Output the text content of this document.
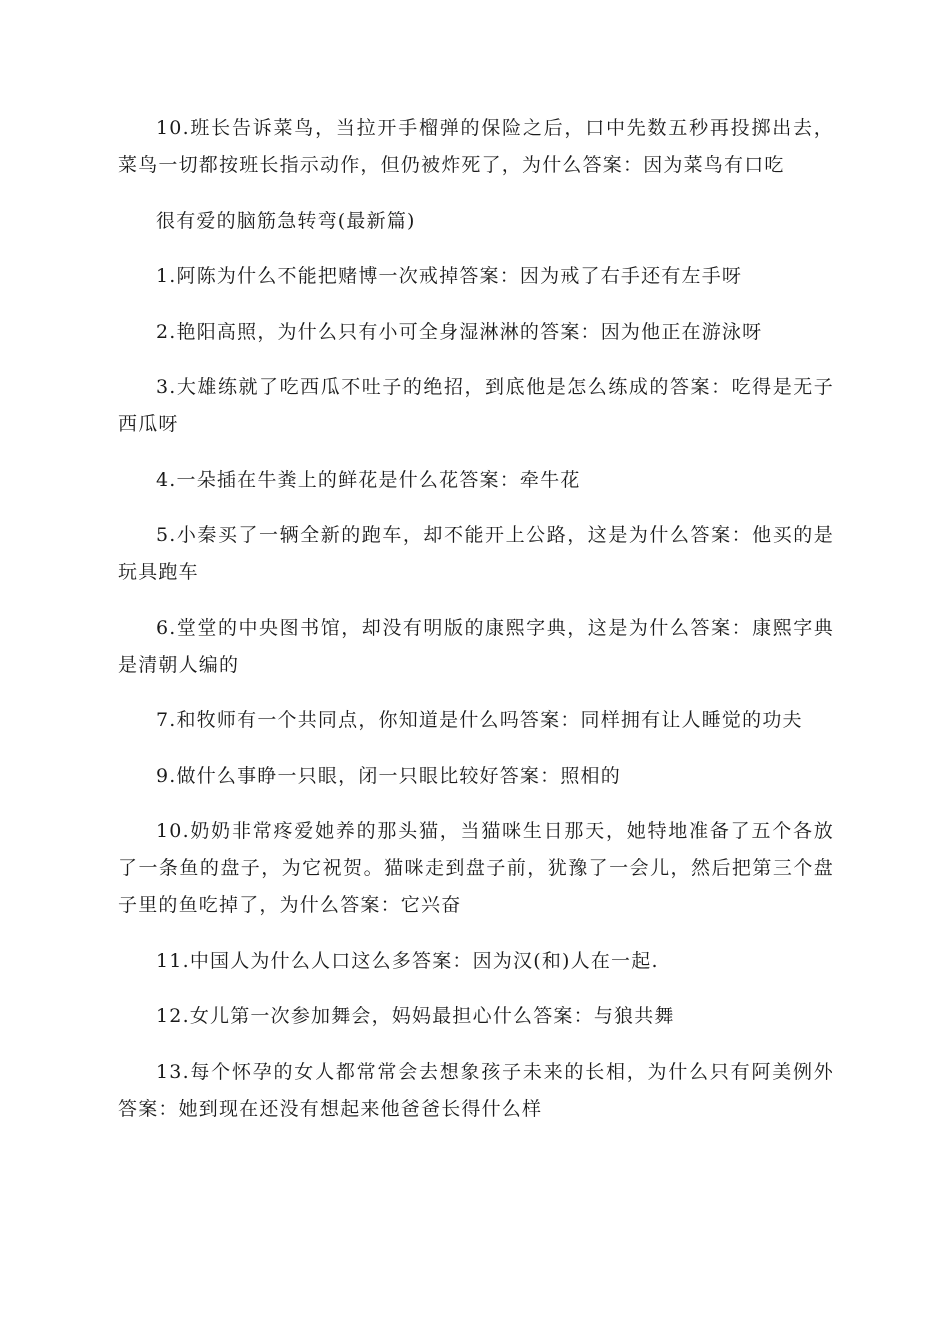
10.班长告诉菜鸟，当拉开手榴弹的保险之后，口中先数五秒再投掷出去，菜鸟一切都按班长指示动作，但仍被炸死了，为什么答案：因为菜鸟有口吃

很有爱的脑筋急转弯(最新篇)

1.阿陈为什么不能把赌博一次戒掉答案：因为戒了右手还有左手呀

2.艳阳高照，为什么只有小可全身湿淋淋的答案：因为他正在游泳呀

3.大雄练就了吃西瓜不吐子的绝招，到底他是怎么练成的答案：吃得是无子西瓜呀

4.一朵插在牛粪上的鲜花是什么花答案：牵牛花

5.小秦买了一辆全新的跑车，却不能开上公路，这是为什么答案：他买的是玩具跑车

6.堂堂的中央图书馆，却没有明版的康熙字典，这是为什么答案：康熙字典是清朝人编的

7.和牧师有一个共同点，你知道是什么吗答案：同样拥有让人睡觉的功夫

9.做什么事睁一只眼，闭一只眼比较好答案：照相的

10.奶奶非常疼爱她养的那头猫，当猫咪生日那天，她特地准备了五个各放了一条鱼的盘子，为它祝贺。猫咪走到盘子前，犹豫了一会儿，然后把第三个盘子里的鱼吃掉了，为什么答案：它兴奋

11.中国人为什么人口这么多答案：因为汉(和)人在一起.

12.女儿第一次参加舞会，妈妈最担心什么答案：与狼共舞

13.每个怀孕的女人都常常会去想象孩子未来的长相，为什么只有阿美例外答案：她到现在还没有想起来他爸爸长得什么样
